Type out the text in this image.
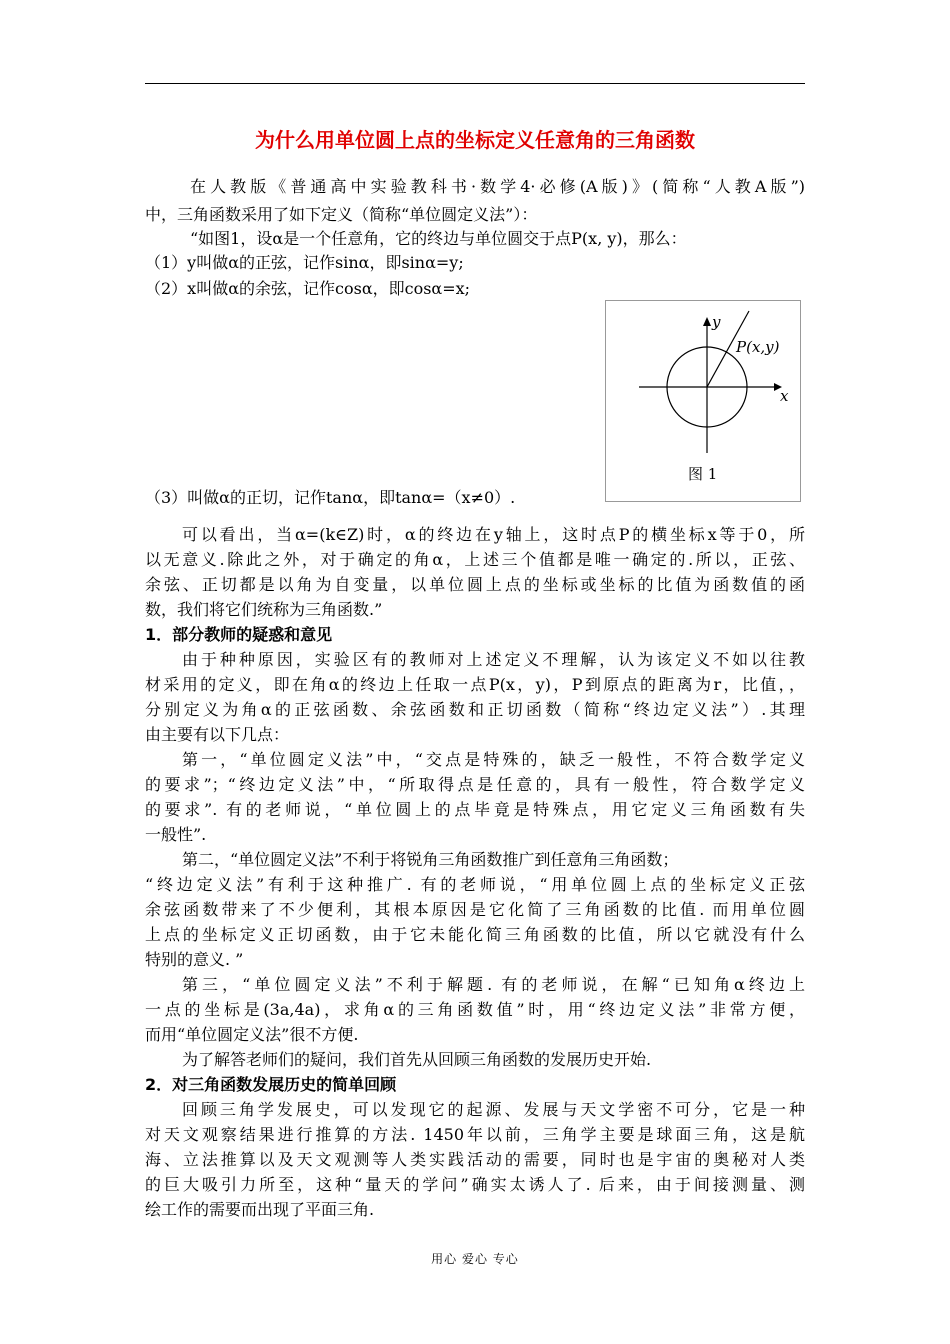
为什么用单位圆上点的坐标定义任意角的三角函数
在人教版《普通高中实验教科书·数学4·必修(A版)》(简称“人教A版”)
中，三角函数采用了如下定义（简称“单位圆定义法”）：
“如图1，设α是一个任意角，它的终边与单位圆交于点P(x, y)，那么：
（1）y叫做α的正弦，记作sinα，即sinα=y;
（2）x叫做α的余弦，记作cosα，即cosα=x;
y
x
P(x,y)
图 1
（3）叫做α的正切，记作tanα，即tanα=（x≠0）.
可以看出，当α=(k∈Z)时，α的终边在y轴上，这时点P的横坐标x等于0，所
以无意义.除此之外，对于确定的角α，上述三个值都是唯一确定的.所以，正弦、
余弦、正切都是以角为自变量，以单位圆上点的坐标或坐标的比值为函数值的函
数，我们将它们统称为三角函数.”
1．部分教师的疑惑和意见
由于种种原因，实验区有的教师对上述定义不理解，认为该定义不如以往教
材采用的定义，即在角α的终边上任取一点P(x，y)，P到原点的距离为r，比值，，
分别定义为角α的正弦函数、余弦函数和正切函数（简称“终边定义法”）.其理
由主要有以下几点：
第一，“单位圆定义法”中，“交点是特殊的，缺乏一般性，不符合数学定义
的要求”；“终边定义法”中，“所取得点是任意的，具有一般性，符合数学定义
的要求”. 有的老师说，“单位圆上的点毕竟是特殊点，用它定义三角函数有失
一般性”.
第二，“单位圆定义法”不利于将锐角三角函数推广到任意角三角函数；
“终边定义法”有利于这种推广. 有的老师说，“用单位圆上点的坐标定义正弦
余弦函数带来了不少便利，其根本原因是它化简了三角函数的比值. 而用单位圆
上点的坐标定义正切函数，由于它未能化简三角函数的比值，所以它就没有什么
特别的意义. ”
第三，“单位圆定义法”不利于解题. 有的老师说，在解“已知角α终边上
一点的坐标是(3a,4a)，求角α的三角函数值”时，用“终边定义法”非常方便，
而用“单位圆定义法”很不方便.
为了解答老师们的疑问，我们首先从回顾三角函数的发展历史开始.
2．对三角函数发展历史的简单回顾
回顾三角学发展史，可以发现它的起源、发展与天文学密不可分，它是一种
对天文观察结果进行推算的方法. 1450年以前，三角学主要是球面三角，这是航
海、立法推算以及天文观测等人类实践活动的需要，同时也是宇宙的奥秘对人类
的巨大吸引力所至，这种“量天的学问”确实太诱人了. 后来，由于间接测量、测
绘工作的需要而出现了平面三角.
用心 爱心 专心
